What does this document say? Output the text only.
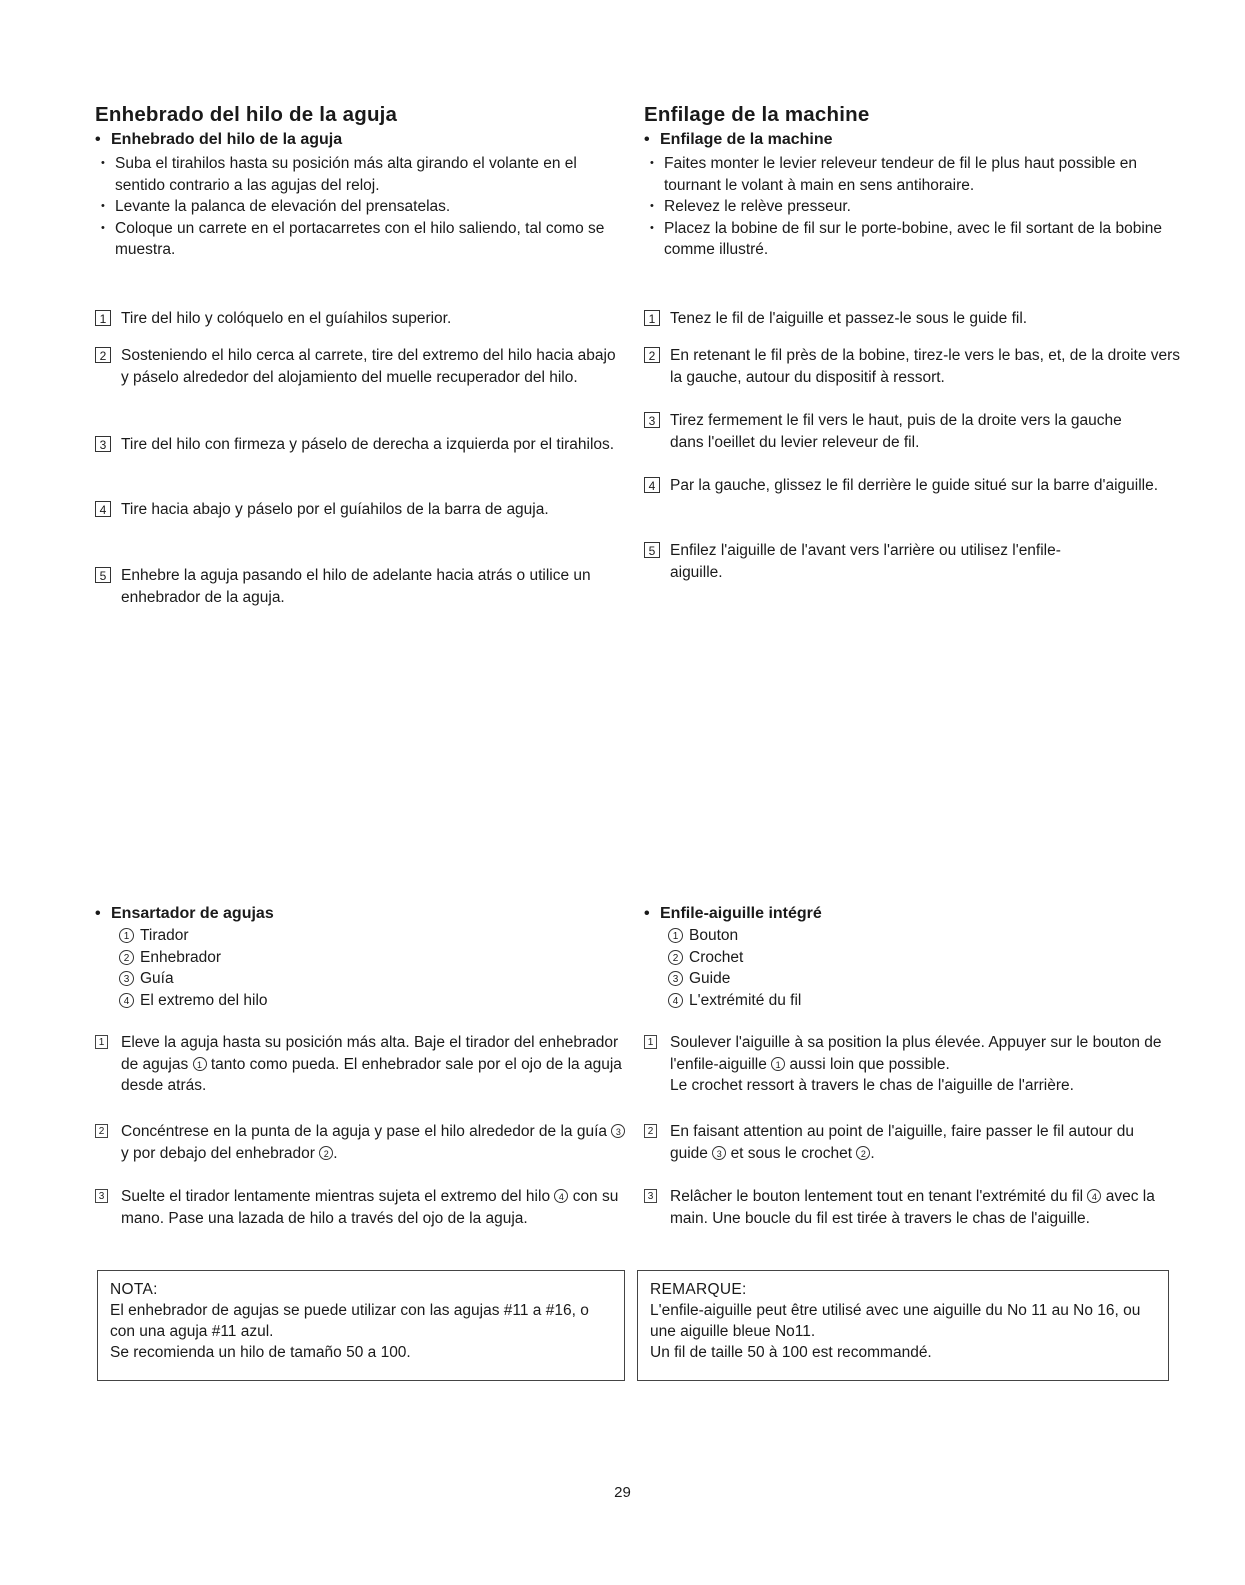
Enhebrado del hilo de la aguja

• Enhebrado del hilo de la aguja

• Suba el tirahilos hasta su posición más alta girando el volante en el sentido contrario a las agujas del reloj.
• Levante la palanca de elevación del prensatelas.
• Coloque un carrete en el portacarretes con el hilo saliendo, tal como se muestra.

1 Tire del hilo y colóquelo en el guíahilos superior.

2 Sosteniendo el hilo cerca al carrete, tire del extremo del hilo hacia abajo y páselo alrededor del alojamiento del muelle recuperador del hilo.

3 Tire del hilo con firmeza y páselo de derecha a izquierda por el tirahilos.

4 Tire hacia abajo y páselo por el guíahilos de la barra de aguja.

5 Enhebre la aguja pasando el hilo de adelante hacia atrás o utilice un enhebrador de la aguja.

• Ensartador de agujas

1 Tirador
2 Enhebrador
3 Guía
4 El extremo del hilo

1 Eleve la aguja hasta su posición más alta. Baje el tirador del enhebrador de agujas 1 tanto como pueda. El enhebrador sale por el ojo de la aguja desde atrás.

2 Concéntrese en la punta de la aguja y pase el hilo alrededor de la guía 3 y por debajo del enhebrador 2 .

3 Suelte el tirador lentamente mientras sujeta el extremo del hilo 4 con su mano. Pase una lazada de hilo a través del ojo de la aguja.

NOTA:
El enhebrador de agujas se puede utilizar con las agujas #11 a #16, o con una aguja #11 azul.
Se recomienda un hilo de tamaño 50 a 100.
Enfilage de la machine

• Enfilage de la machine

• Faites monter le levier releveur tendeur de fil le plus haut possible en tournant le volant à main en sens antihoraire.
• Relevez le relève presseur.
• Placez la bobine de fil sur le porte-bobine, avec le fil sortant de la bobine comme illustré.

1 Tenez le fil de l'aiguille et passez-le sous le guide fil.

2 En retenant le fil près de la bobine, tirez-le vers le bas, et, de la droite vers la gauche, autour du dispositif à ressort.

3 Tirez fermement le fil vers le haut, puis de la droite vers la gauche dans l'oeillet du levier releveur de fil.

4 Par la gauche, glissez le fil derrière le guide situé sur la barre d'aiguille.

5 Enfilez l'aiguille de l'avant vers l'arrière ou utilisez l'enfile- aiguille.

• Enfile-aiguille intégré

1 Bouton
2 Crochet
3 Guide
4 L'extrémité du fil

1 Soulever l'aiguille à sa position la plus élevée. Appuyer sur le bouton de l'enfile-aiguille 1 aussi loin que possible.
Le crochet ressort à travers le chas de l'aiguille de l'arrière.

2 En faisant attention au point de l'aiguille, faire passer le fil autour du guide 3 et sous le crochet 2 .

3 Relâcher le bouton lentement tout en tenant l'extrémité du fil 4 avec la main. Une boucle du fil est tirée à travers le chas de l'aiguille.

REMARQUE:
L'enfile-aiguille peut être utilisé avec une aiguille du No 11 au No 16, ou une aiguille bleue No11.
Un fil de taille 50 à 100 est recommandé.
29
